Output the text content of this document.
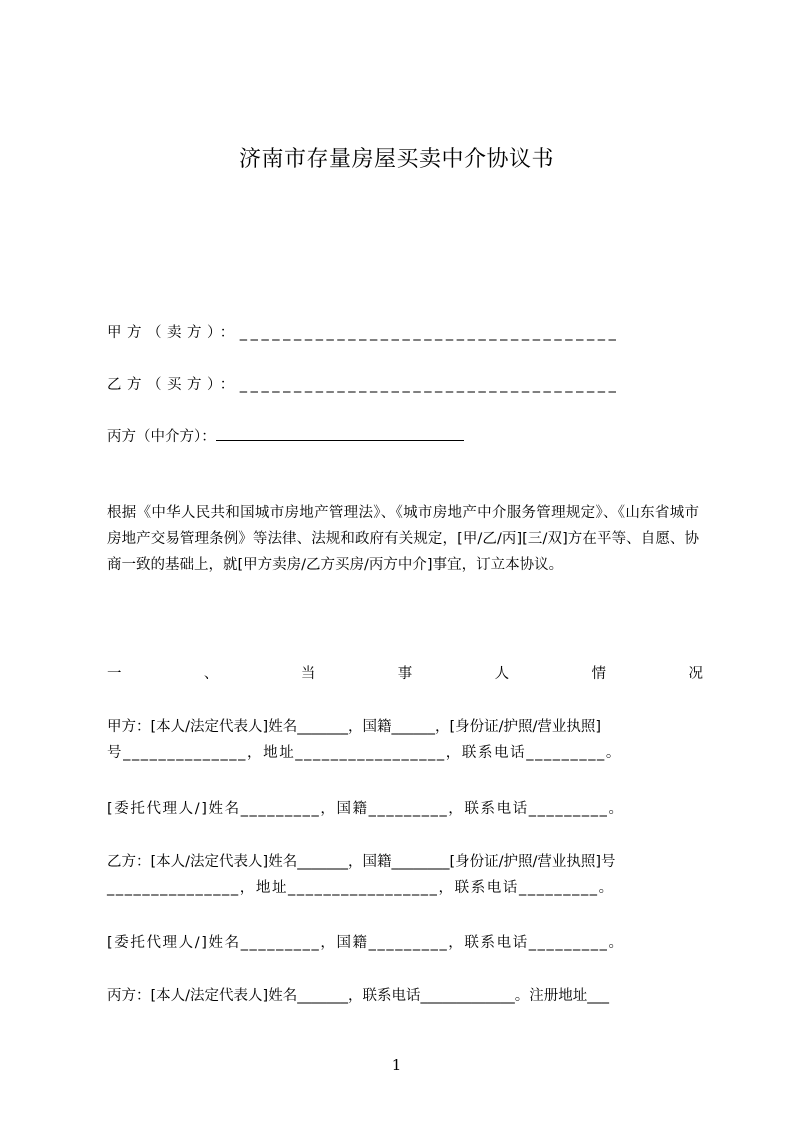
济南市存量房屋买卖中介协议书
甲方（卖方）：___________________________________
乙方（买方）：___________________________________
丙方（中介方）：
根据《中华人民共和国城市房地产管理法》、《城市房地产中介服务管理规定》、《山东省城市房地产交易管理条例》等法律、法规和政府有关规定，[甲/乙/丙][三/双]方在平等、自愿、协商一致的基础上，就[甲方卖房/乙方买房/丙方中介]事宜，订立本协议。
一	、	当	事	人	情	况
甲方：[本人/法定代表人]姓名_______，国籍______，[身份证/护照/营业执照]
号______________，地址_________________，联系电话_________。
[委托代理人/]姓名_________，国籍_________，联系电话_________。
乙方：[本人/法定代表人]姓名_______，国籍________[身份证/护照/营业执照]号
_______________，地址_________________，联系电话_________。
[委托代理人/]姓名_________，国籍_________，联系电话_________。
丙方：[本人/法定代表人]姓名_______，联系电话_____________。注册地址___
1
